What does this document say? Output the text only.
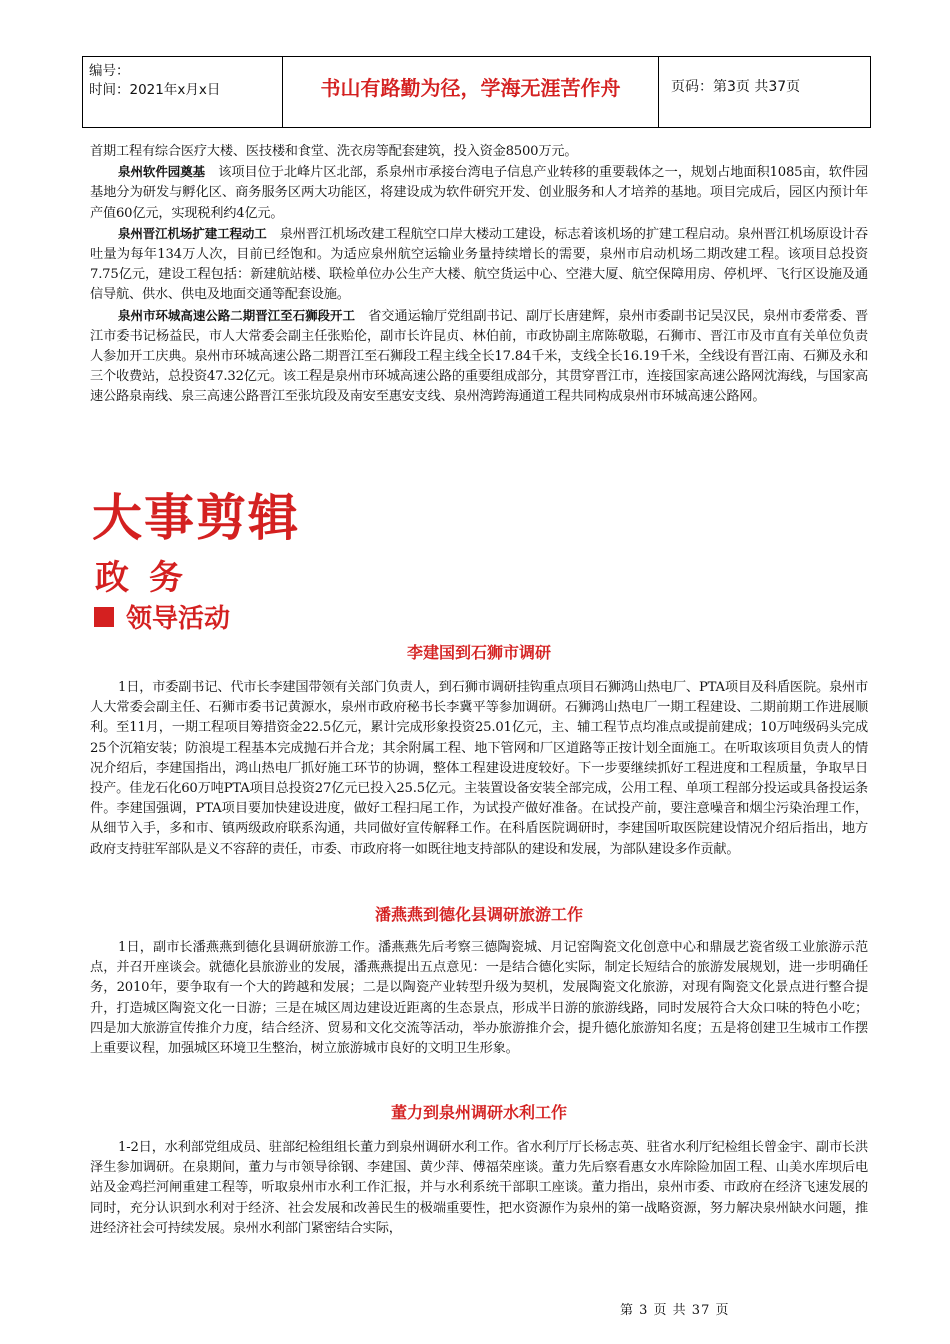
编号：
时间：2021年x月x日	书山有路勤为径，学海无涯苦作舟	页码：第3页 共37页

首期工程有综合医疗大楼、医技楼和食堂、洗衣房等配套建筑，投入资金8500万元。

泉州软件园奠基　该项目位于北峰片区北部，系泉州市承接台湾电子信息产业转移的重要载体之一，规划占地面积1085亩，软件园基地分为研发与孵化区、商务服务区两大功能区，将建设成为软件研究开发、创业服务和人才培养的基地。项目完成后，园区内预计年产值60亿元，实现税利约4亿元。

泉州晋江机场扩建工程动工　泉州晋江机场改建工程航空口岸大楼动工建设，标志着该机场的扩建工程启动。泉州晋江机场原设计吞吐量为每年134万人次，目前已经饱和。为适应泉州航空运输业务量持续增长的需要，泉州市启动机场二期改建工程。该项目总投资7.75亿元，建设工程包括：新建航站楼、联检单位办公生产大楼、航空货运中心、空港大厦、航空保障用房、停机坪、飞行区设施及通信导航、供水、供电及地面交通等配套设施。

泉州市环城高速公路二期晋江至石狮段开工　省交通运输厅党组副书记、副厅长唐建辉，泉州市委副书记吴汉民，泉州市委常委、晋江市委书记杨益民，市人大常委会副主任张贻伦，副市长许昆贞、林伯前，市政协副主席陈敬聪，石狮市、晋江市及市直有关单位负责人参加开工庆典。泉州市环城高速公路二期晋江至石狮段工程主线全长17.84千米，支线全长16.19千米，全线设有晋江南、石狮及永和三个收费站，总投资47.32亿元。该工程是泉州市环城高速公路的重要组成部分，其贯穿晋江市，连接国家高速公路网沈海线，与国家高速公路泉南线、泉三高速公路晋江至张坑段及南安至惠安支线、泉州湾跨海通道工程共同构成泉州市环城高速公路网。

大事剪辑
政务
领导活动
李建国到石狮市调研

1日，市委副书记、代市长李建国带领有关部门负责人，到石狮市调研挂钩重点项目石狮鸿山热电厂、PTA项目及科盾医院。泉州市人大常委会副主任、石狮市委书记黄源水，泉州市政府秘书长李冀平等参加调研。石狮鸿山热电厂一期工程建设、二期前期工作进展顺利。至11月，一期工程项目筹措资金22.5亿元，累计完成形象投资25.01亿元，主、辅工程节点均准点或提前建成；10万吨级码头完成25个沉箱安装；防浪堤工程基本完成抛石并合龙；其余附属工程、地下管网和厂区道路等正按计划全面施工。在听取该项目负责人的情况介绍后，李建国指出，鸿山热电厂抓好施工环节的协调，整体工程建设进度较好。下一步要继续抓好工程进度和工程质量，争取早日投产。佳龙石化60万吨PTA项目总投资27亿元已投入25.5亿元。主装置设备安装全部完成，公用工程、单项工程部分投运或具备投运条件。李建国强调，PTA项目要加快建设进度，做好工程扫尾工作，为试投产做好准备。在试投产前，要注意噪音和烟尘污染治理工作，从细节入手，多和市、镇两级政府联系沟通，共同做好宣传解释工作。在科盾医院调研时，李建国听取医院建设情况介绍后指出，地方政府支持驻军部队是义不容辞的责任，市委、市政府将一如既往地支持部队的建设和发展，为部队建设多作贡献。

潘燕燕到德化县调研旅游工作

1日，副市长潘燕燕到德化县调研旅游工作。潘燕燕先后考察三德陶瓷城、月记窑陶瓷文化创意中心和鼎晟艺瓷省级工业旅游示范点，并召开座谈会。就德化县旅游业的发展，潘燕燕提出五点意见：一是结合德化实际，制定长短结合的旅游发展规划，进一步明确任务，2010年，要争取有一个大的跨越和发展；二是以陶瓷产业转型升级为契机，发展陶瓷文化旅游，对现有陶瓷文化景点进行整合提升，打造城区陶瓷文化一日游；三是在城区周边建设近距离的生态景点，形成半日游的旅游线路，同时发展符合大众口味的特色小吃；四是加大旅游宣传推介力度，结合经济、贸易和文化交流等活动，举办旅游推介会，提升德化旅游知名度；五是将创建卫生城市工作摆上重要议程，加强城区环境卫生整治，树立旅游城市良好的文明卫生形象。

董力到泉州调研水利工作

1-2日，水利部党组成员、驻部纪检组组长董力到泉州调研水利工作。省水利厅厅长杨志英、驻省水利厅纪检组长曾金宇、副市长洪泽生参加调研。在泉期间，董力与市领导徐钢、李建国、黄少萍、傅福荣座谈。董力先后察看惠女水库除险加固工程、山美水库坝后电站及金鸡拦河闸重建工程等，听取泉州市水利工作汇报，并与水利系统干部职工座谈。董力指出，泉州市委、市政府在经济飞速发展的同时，充分认识到水利对于经济、社会发展和改善民生的极端重要性，把水资源作为泉州的第一战略资源，努力解决泉州缺水问题，推进经济社会可持续发展。泉州水利部门紧密结合实际，

第 3 页 共 37 页
